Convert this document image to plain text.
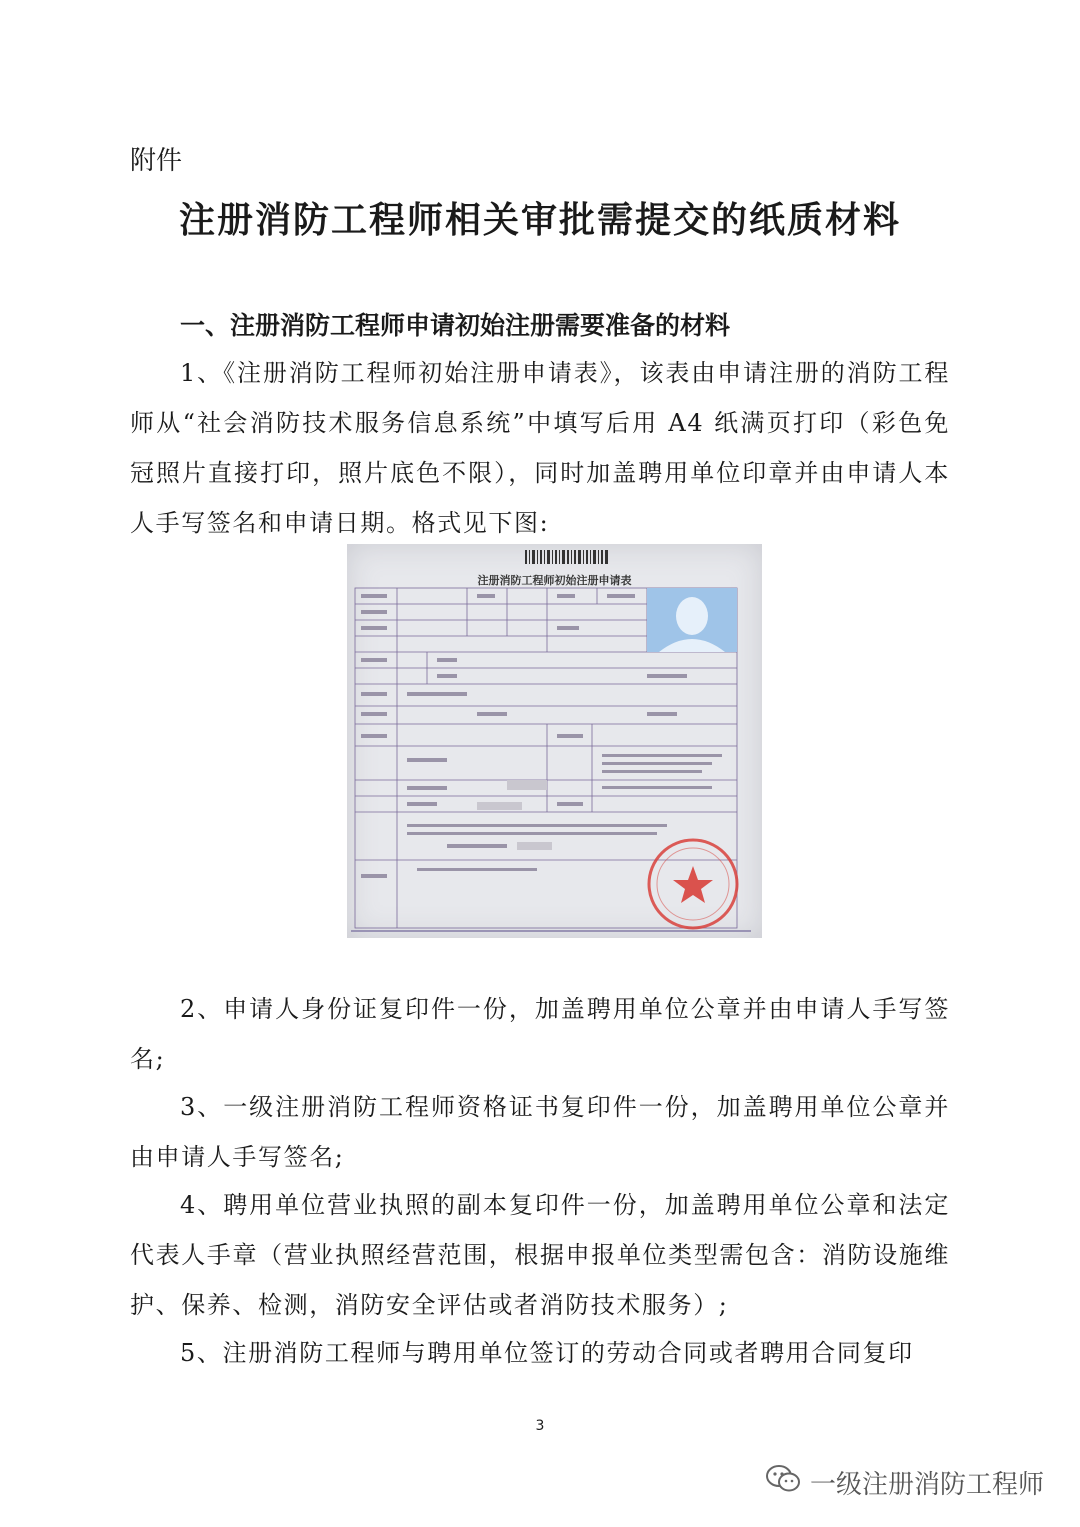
附件
注册消防工程师相关审批需提交的纸质材料
一、注册消防工程师申请初始注册需要准备的材料
1、《注册消防工程师初始注册申请表》，该表由申请注册的消防工程师从“社会消防技术服务信息系统”中填写后用 A4 纸满页打印（彩色免冠照片直接打印，照片底色不限），同时加盖聘用单位印章并由申请人本人手写签名和申请日期。格式见下图:
注册消防工程师初始注册申请表
2、申请人身份证复印件一份，加盖聘用单位公章并由申请人手写签名;
3、一级注册消防工程师资格证书复印件一份，加盖聘用单位公章并由申请人手写签名;
4、聘用单位营业执照的副本复印件一份，加盖聘用单位公章和法定代表人手章（营业执照经营范围，根据申报单位类型需包含：消防设施维护、保养、检测，消防安全评估或者消防技术服务）;
5、注册消防工程师与聘用单位签订的劳动合同或者聘用合同复印
3
一级注册消防工程师
